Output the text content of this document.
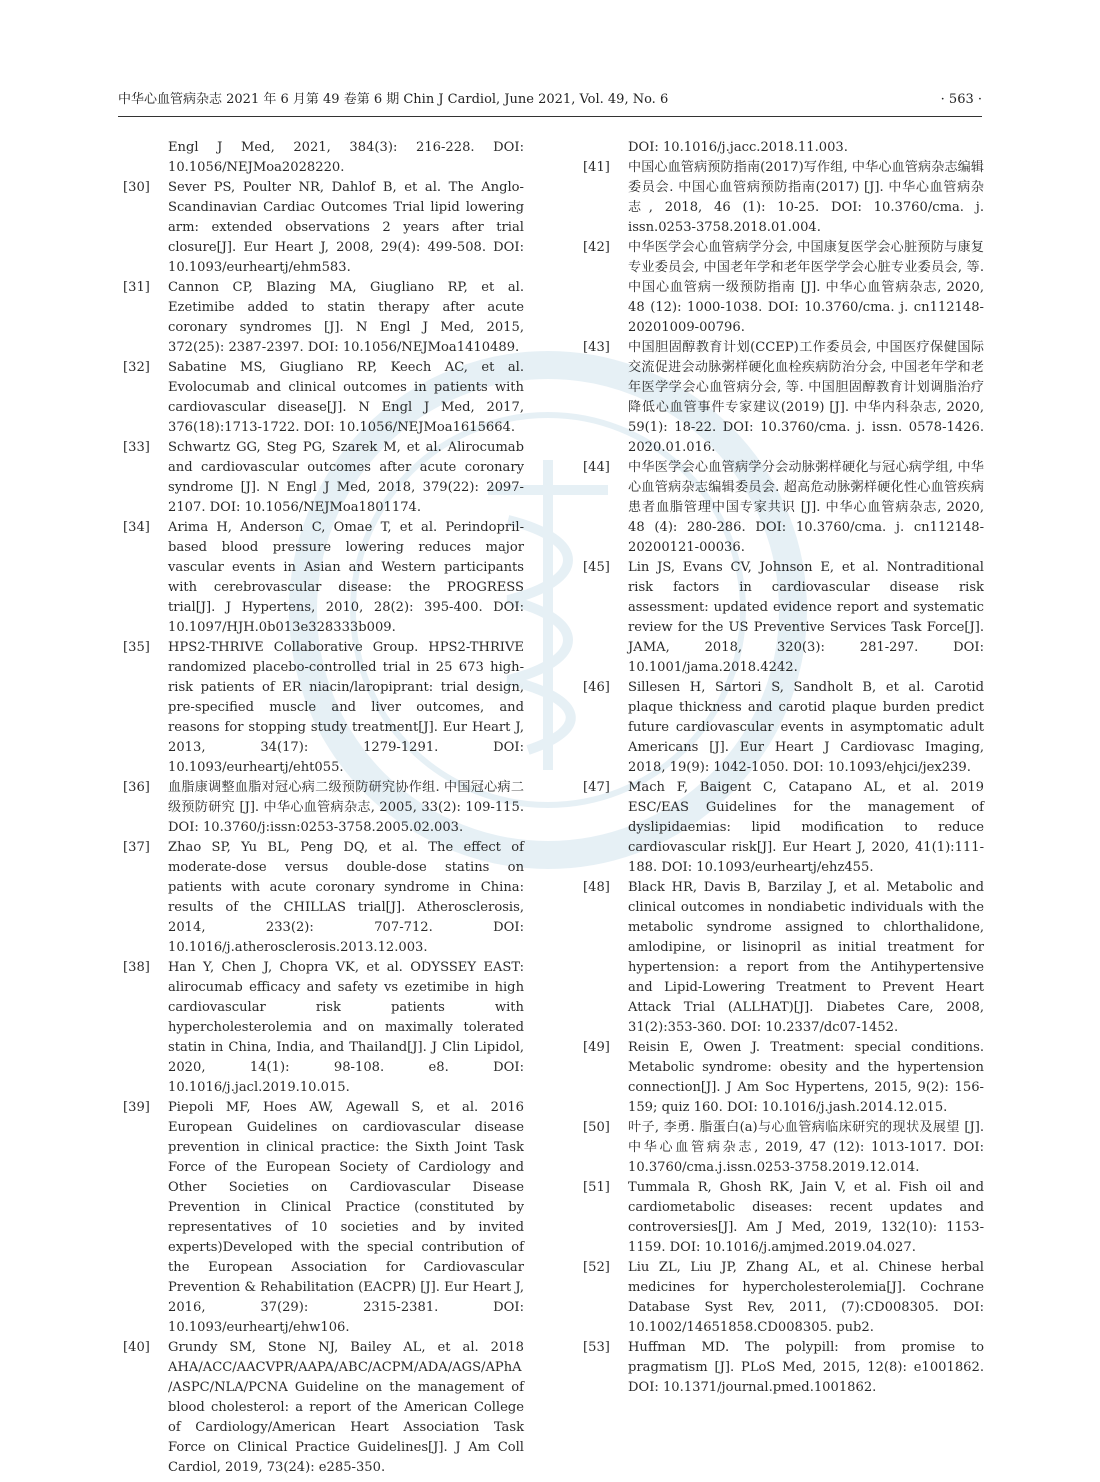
中华心血管病杂志 2021 年 6 月第 49 卷第 6 期 Chin J Cardiol, June 2021, Vol. 49, No. 6	· 563 ·
Engl J Med, 2021, 384(3): 216-228. DOI: 10.1056/NEJMoa2028220.
[30] Sever PS, Poulter NR, Dahlof B, et al. The Anglo-Scandinavian Cardiac Outcomes Trial lipid lowering arm: extended observations 2 years after trial closure[J]. Eur Heart J, 2008, 29(4): 499-508. DOI: 10.1093/eurheartj/ehm583.
[31] Cannon CP, Blazing MA, Giugliano RP, et al. Ezetimibe added to statin therapy after acute coronary syndromes [J]. N Engl J Med, 2015, 372(25): 2387-2397. DOI: 10.1056/NEJMoa1410489.
[32] Sabatine MS, Giugliano RP, Keech AC, et al. Evolocumab and clinical outcomes in patients with cardiovascular disease[J]. N Engl J Med, 2017, 376(18):1713-1722. DOI: 10.1056/NEJMoa1615664.
[33] Schwartz GG, Steg PG, Szarek M, et al. Alirocumab and cardiovascular outcomes after acute coronary syndrome [J]. N Engl J Med, 2018, 379(22): 2097-2107. DOI: 10.1056/NEJMoa1801174.
[34] Arima H, Anderson C, Omae T, et al. Perindopril-based blood pressure lowering reduces major vascular events in Asian and Western participants with cerebrovascular disease: the PROGRESS trial[J]. J Hypertens, 2010, 28(2): 395-400. DOI: 10.1097/HJH.0b013e328333b009.
[35] HPS2-THRIVE Collaborative Group. HPS2-THRIVE randomized placebo-controlled trial in 25 673 high-risk patients of ER niacin/laropiprant: trial design, pre-specified muscle and liver outcomes, and reasons for stopping study treatment[J]. Eur Heart J, 2013, 34(17): 1279-1291. DOI: 10.1093/eurheartj/eht055.
[36] 血脂康调整血脂对冠心病二级预防研究协作组. 中国冠心病二级预防研究 [J]. 中华心血管病杂志, 2005, 33(2): 109-115. DOI: 10.3760/j:issn:0253-3758.2005.02.003.
[37] Zhao SP, Yu BL, Peng DQ, et al. The effect of moderate-dose versus double-dose statins on patients with acute coronary syndrome in China: results of the CHILLAS trial[J]. Atherosclerosis, 2014, 233(2): 707-712. DOI: 10.1016/j.atherosclerosis.2013.12.003.
[38] Han Y, Chen J, Chopra VK, et al. ODYSSEY EAST: alirocumab efficacy and safety vs ezetimibe in high cardiovascular risk patients with hypercholesterolemia and on maximally tolerated statin in China, India, and Thailand[J]. J Clin Lipidol, 2020, 14(1): 98-108. e8. DOI: 10.1016/j.jacl.2019.10.015.
[39] Piepoli MF, Hoes AW, Agewall S, et al. 2016 European Guidelines on cardiovascular disease prevention in clinical practice: the Sixth Joint Task Force of the European Society of Cardiology and Other Societies on Cardiovascular Disease Prevention in Clinical Practice (constituted by representatives of 10 societies and by invited experts)Developed with the special contribution of the European Association for Cardiovascular Prevention & Rehabilitation (EACPR) [J]. Eur Heart J, 2016, 37(29): 2315-2381. DOI: 10.1093/eurheartj/ehw106.
[40] Grundy SM, Stone NJ, Bailey AL, et al. 2018 AHA/ACC/AACVPR/AAPA/ABC/ACPM/ADA/AGS/APhA/ASPC/NLA/PCNA Guideline on the management of blood cholesterol: a report of the American College of Cardiology/American Heart Association Task Force on Clinical Practice Guidelines[J]. J Am Coll Cardiol, 2019, 73(24): e285-350.
DOI: 10.1016/j.jacc.2018.11.003.
[41] 中国心血管病预防指南(2017)写作组, 中华心血管病杂志编辑委员会. 中国心血管病预防指南(2017) [J]. 中华心血管病杂志, 2018, 46 (1): 10-25. DOI: 10.3760/cma. j. issn.0253-3758.2018.01.004.
[42] 中华医学会心血管病学分会, 中国康复医学会心脏预防与康复专业委员会, 中国老年学和老年医学学会心脏专业委员会, 等. 中国心血管病一级预防指南 [J]. 中华心血管病杂志, 2020, 48 (12): 1000-1038. DOI: 10.3760/cma. j. cn112148-20201009-00796.
[43] 中国胆固醇教育计划(CCEP)工作委员会, 中国医疗保健国际交流促进会动脉粥样硬化血栓疾病防治分会, 中国老年学和老年医学学会心血管病分会, 等. 中国胆固醇教育计划调脂治疗降低心血管事件专家建议(2019) [J]. 中华内科杂志, 2020, 59(1): 18-22. DOI: 10.3760/cma. j. issn. 0578-1426. 2020.01.016.
[44] 中华医学会心血管病学分会动脉粥样硬化与冠心病学组, 中华心血管病杂志编辑委员会. 超高危动脉粥样硬化性心血管疾病患者血脂管理中国专家共识 [J]. 中华心血管病杂志, 2020, 48 (4): 280-286. DOI: 10.3760/cma. j. cn112148-20200121-00036.
[45] Lin JS, Evans CV, Johnson E, et al. Nontraditional risk factors in cardiovascular disease risk assessment: updated evidence report and systematic review for the US Preventive Services Task Force[J]. JAMA, 2018, 320(3): 281-297. DOI: 10.1001/jama.2018.4242.
[46] Sillesen H, Sartori S, Sandholt B, et al. Carotid plaque thickness and carotid plaque burden predict future cardiovascular events in asymptomatic adult Americans [J]. Eur Heart J Cardiovasc Imaging, 2018, 19(9): 1042-1050. DOI: 10.1093/ehjci/jex239.
[47] Mach F, Baigent C, Catapano AL, et al. 2019 ESC/EAS Guidelines for the management of dyslipidaemias: lipid modification to reduce cardiovascular risk[J]. Eur Heart J, 2020, 41(1):111-188. DOI: 10.1093/eurheartj/ehz455.
[48] Black HR, Davis B, Barzilay J, et al. Metabolic and clinical outcomes in nondiabetic individuals with the metabolic syndrome assigned to chlorthalidone, amlodipine, or lisinopril as initial treatment for hypertension: a report from the Antihypertensive and Lipid-Lowering Treatment to Prevent Heart Attack Trial (ALLHAT)[J]. Diabetes Care, 2008, 31(2):353-360. DOI: 10.2337/dc07-1452.
[49] Reisin E, Owen J. Treatment: special conditions. Metabolic syndrome: obesity and the hypertension connection[J]. J Am Soc Hypertens, 2015, 9(2): 156-159; quiz 160. DOI: 10.1016/j.jash.2014.12.015.
[50] 叶子, 李勇. 脂蛋白(a)与心血管病临床研究的现状及展望 [J]. 中华心血管病杂志, 2019, 47 (12): 1013-1017. DOI: 10.3760/cma.j.issn.0253-3758.2019.12.014.
[51] Tummala R, Ghosh RK, Jain V, et al. Fish oil and cardiometabolic diseases: recent updates and controversies[J]. Am J Med, 2019, 132(10): 1153-1159. DOI: 10.1016/j.amjmed.2019.04.027.
[52] Liu ZL, Liu JP, Zhang AL, et al. Chinese herbal medicines for hypercholesterolemia[J]. Cochrane Database Syst Rev, 2011, (7):CD008305. DOI: 10.1002/14651858.CD008305. pub2.
[53] Huffman MD. The polypill: from promise to pragmatism [J]. PLoS Med, 2015, 12(8): e1001862. DOI: 10.1371/journal.pmed.1001862.
